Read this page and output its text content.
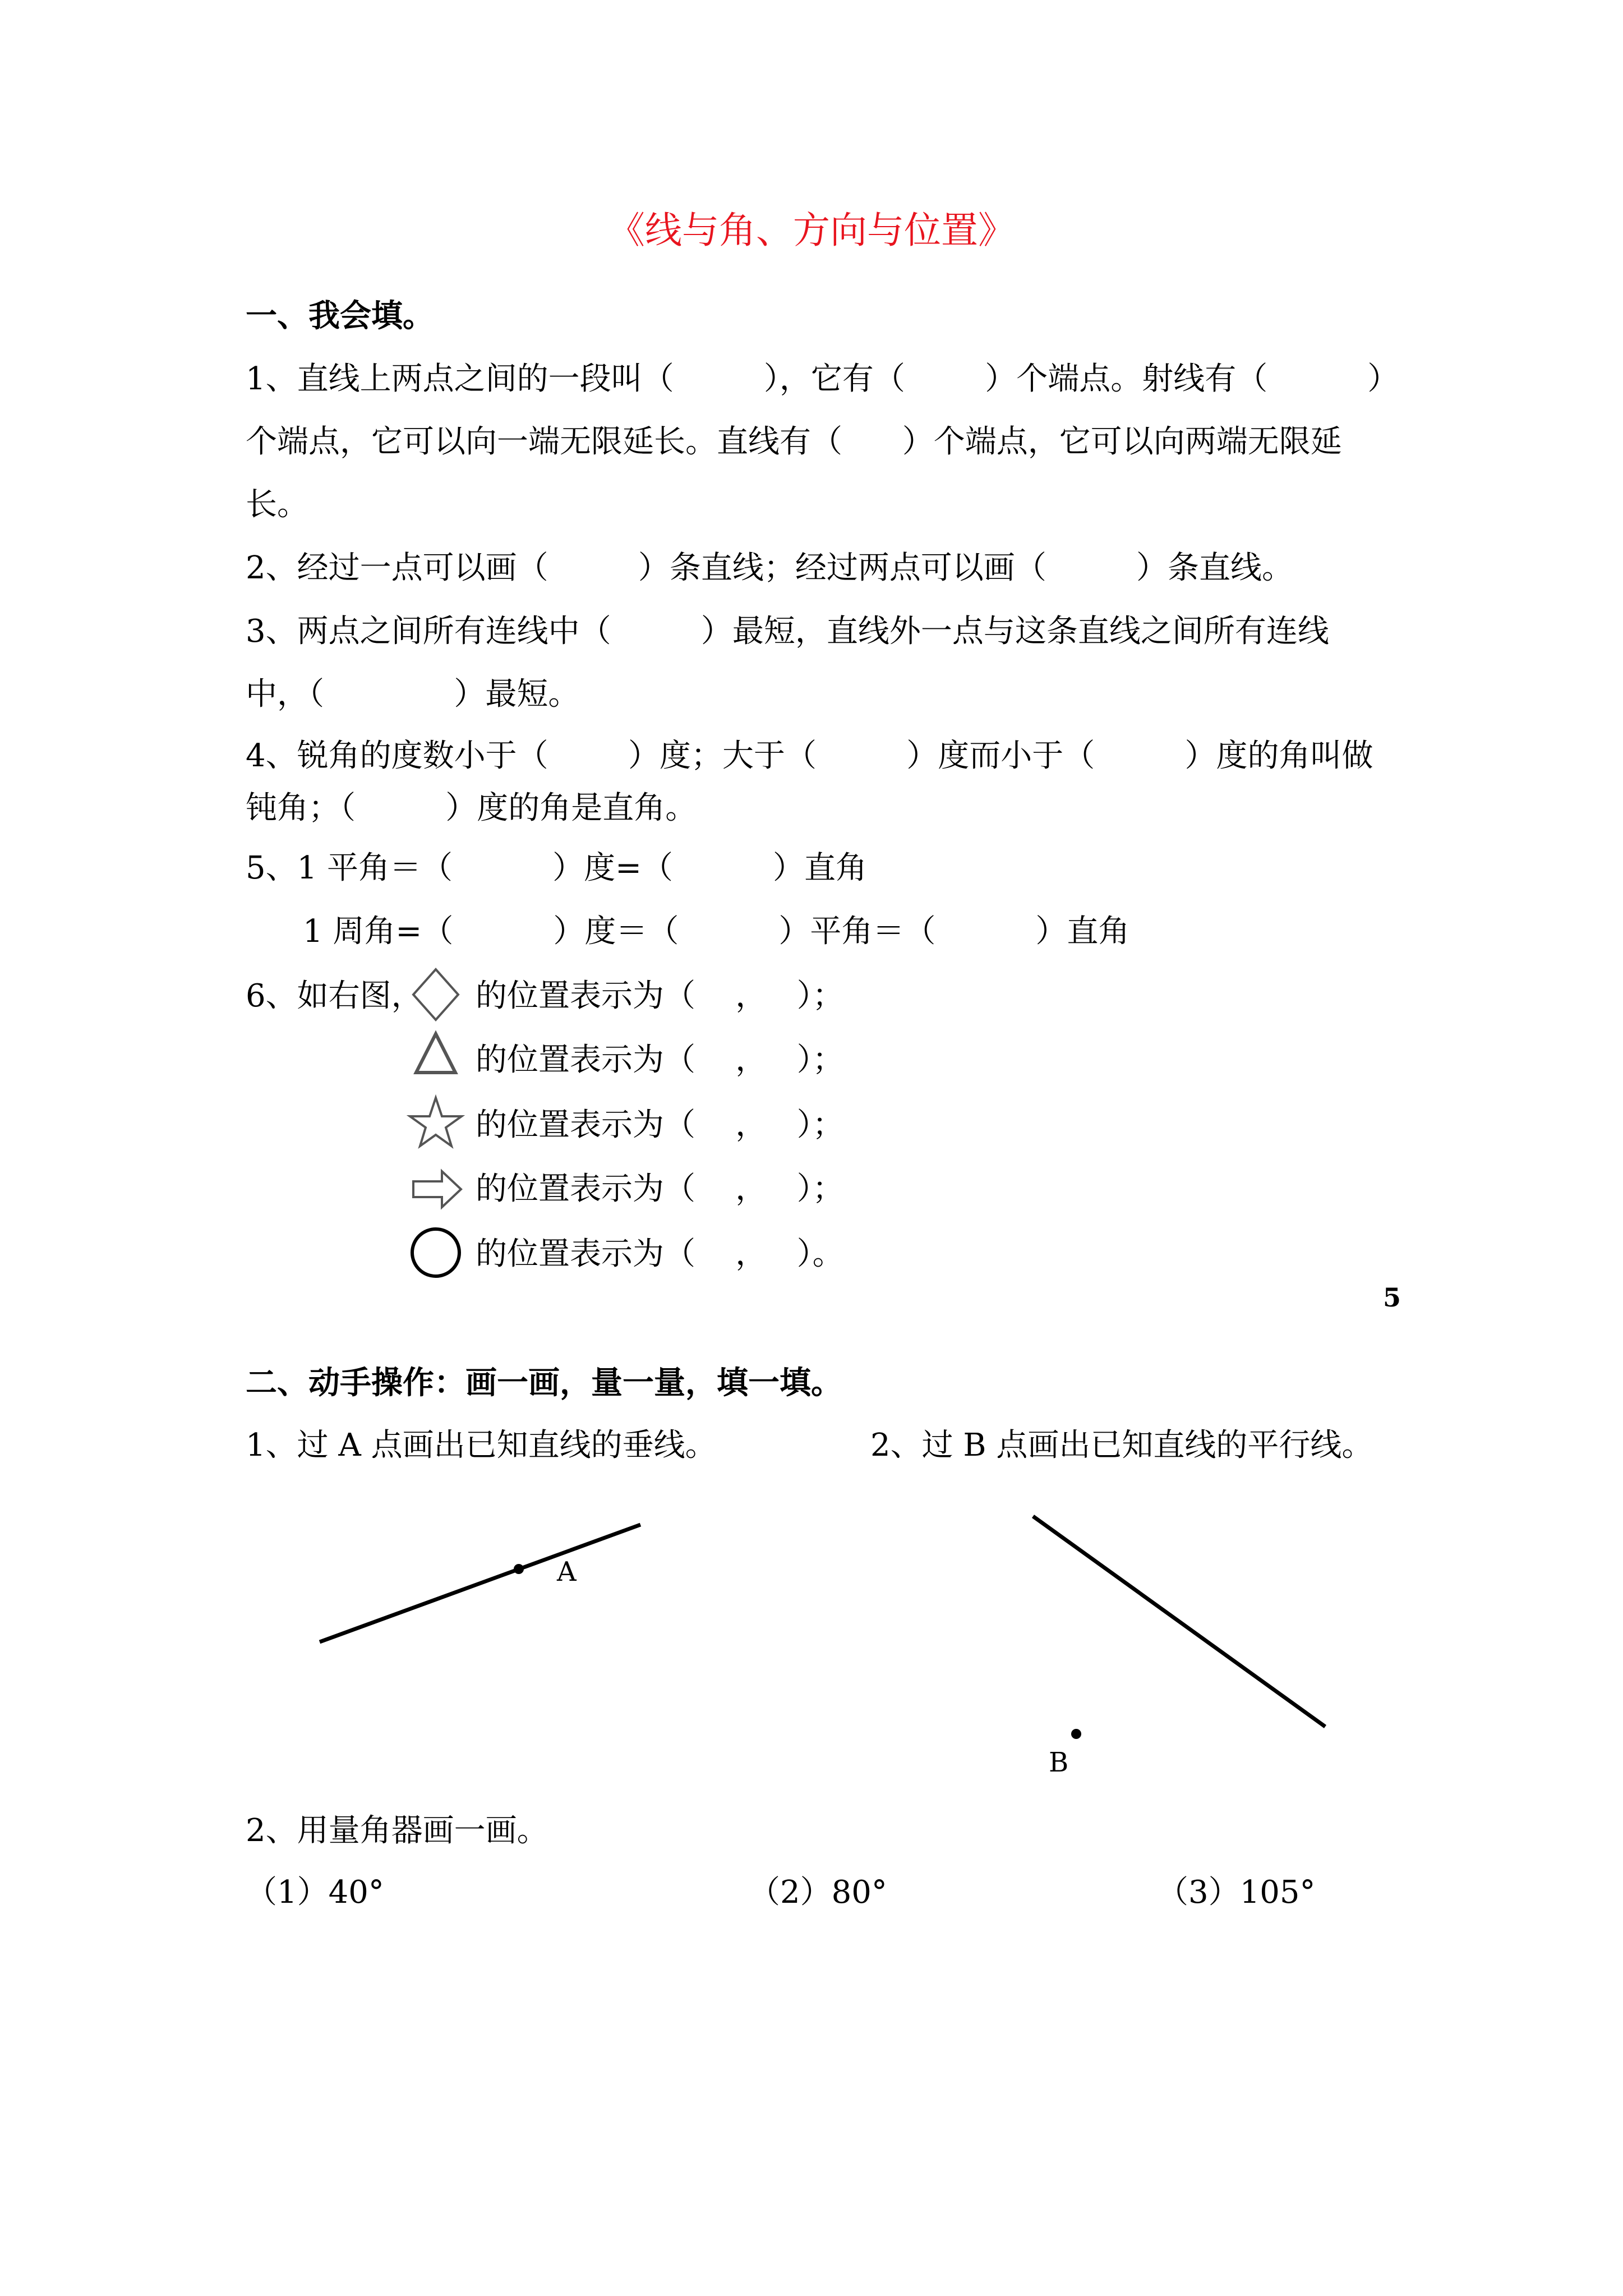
《线与角、方向与位置》
一、我会填。
1、直线上两点之间的一段叫（         ），它有（        ）个端点。射线有（          ）
个端点，它可以向一端无限延长。直线有（      ）个端点，它可以向两端无限延
长。
2、经过一点可以画（         ）条直线；经过两点可以画（         ）条直线。
3、两点之间所有连线中（         ）最短，直线外一点与这条直线之间所有连线
中，（             ）最短。
4、锐角的度数小于（        ）度；大于（         ）度而小于（         ）度的角叫做
钝角；（         ）度的角是直角。
5、1 平角＝（          ）度=（          ）直角
1 周角=（          ）度＝（          ）平角＝（          ）直角
6、如右图， 的位置表示为（    ，   ）；
的位置表示为（    ，   ）；
的位置表示为（    ，   ）；
的位置表示为（    ，   ）；
的位置表示为（    ，   ）。
5
二、动手操作：画一画，量一量，填一填。
1、过 A 点画出已知直线的垂线。	2、过 B 点画出已知直线的平行线。
A
B
2、用量角器画一画。
（1）40°	（2）80°	（3）105°
